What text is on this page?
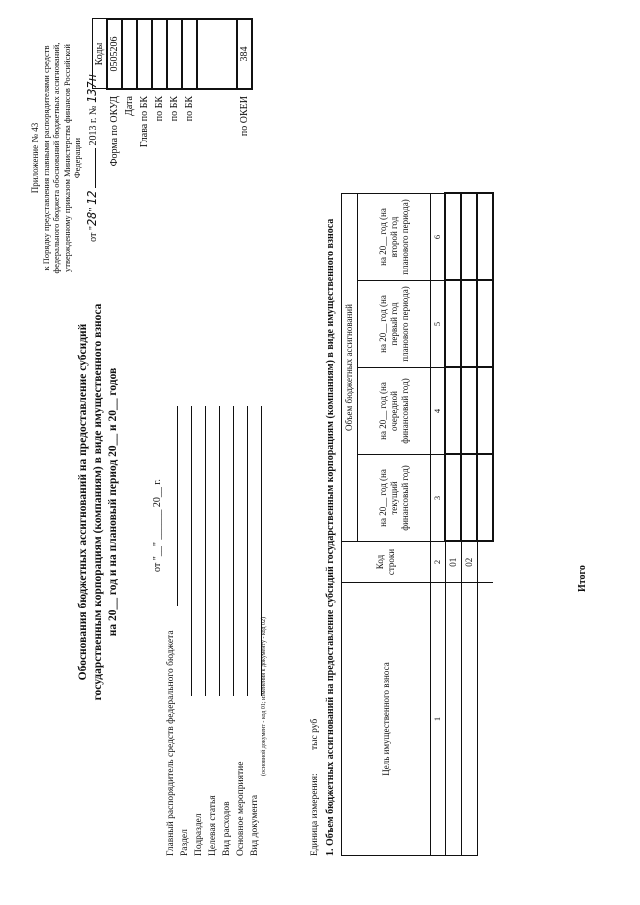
Приложение № 43 к Порядку представления главными распорядителями средств федерального бюджета обоснований бюджетных ассигнований, утвержденному приказом Министерства финансов Российской Федерации
от "28" 12  2013 г. № 137н
Обоснования бюджетных ассигнований на предоставление субсидий государственным корпорациям (компаниям) в виде имущественного взноса на 20__ год и на плановый период 20__ и 20__ годов
	Коды
Форма по ОКУД	0505206
Дата	
Глава по БК	
по БК	
по БК	
по БК	

по ОКЕИ	384
от "__" ______ 20__ г.
Главный распорядитель средств федерального бюджета Раздел Подраздел Целевая статья Вид расходов Основное мероприятие Вид документа
(основной документ - код 01; изменения к документу - код 02)
Единица измерения:
тыс руб 1. Объем бюджетных ассигнований на предоставление субсидий государственным корпорациям (компаниям) в виде имущественного взноса	Цель имущественного взноса	Код строки	Объем бюджетных ассигнований			
		на 20__ год (на текущий финансовый год)	на 20__ год (на очередной финансовый год)	на 20__ год (на первый год планового периода)	на 20__ год (на второй год планового периода)
1	2	3	4	5	6
	01				
	02				

Итого
